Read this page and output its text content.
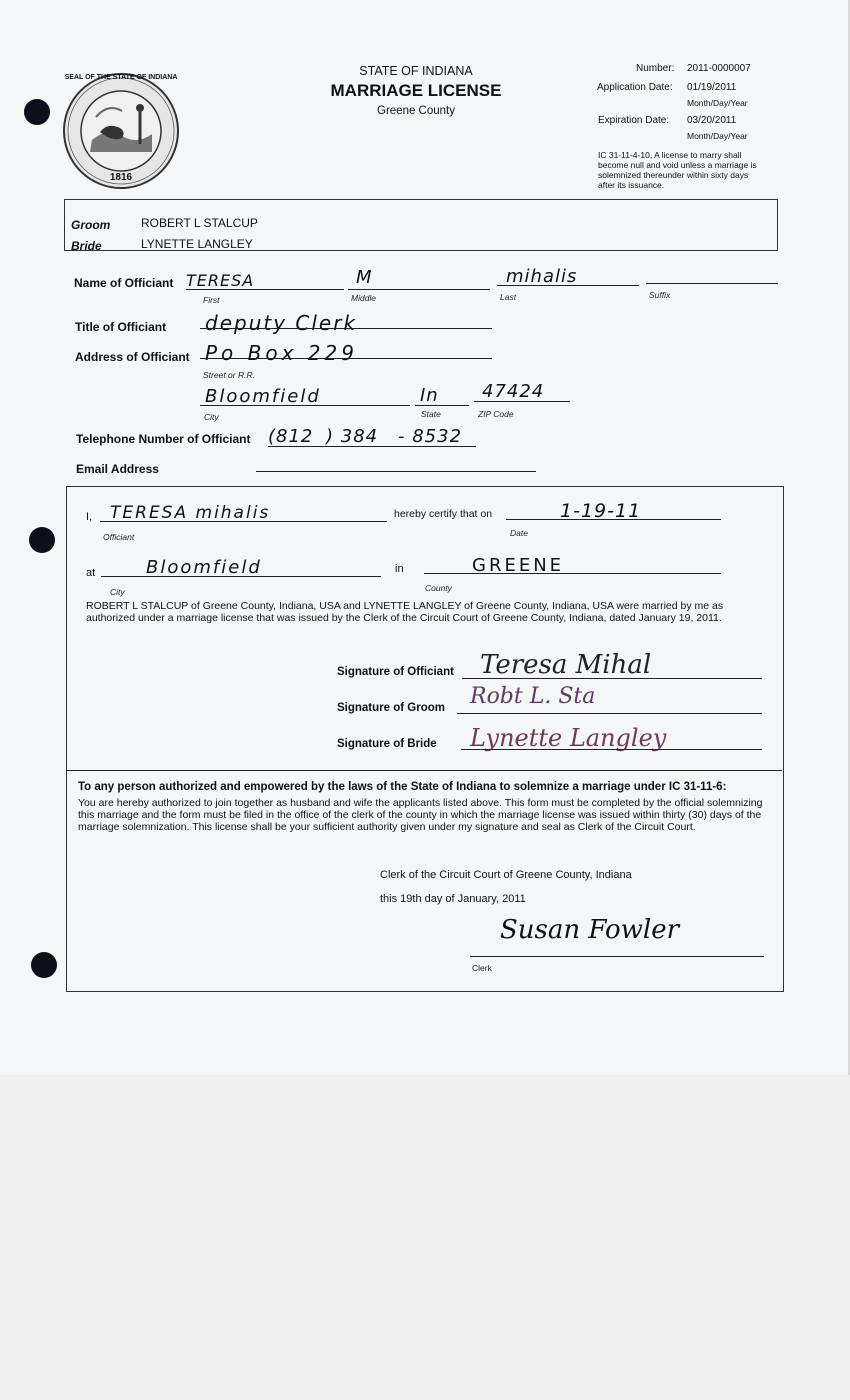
SEAL OF THE STATE OF INDIANA
1816
STATE OF INDIANA
MARRIAGE LICENSE
Greene County
Number: 2011-0000007
Application Date: 01/19/2011
Month/Day/Year
Expiration Date: 03/20/2011
Month/Day/Year
IC 31-11-4-10, A license to marry shall become null and void unless a marriage is solemnized thereunder within sixty days after its issuance.
Groom	ROBERT L STALCUP
Bride	LYNETTE LANGLEY
Name of Officiant TERESA	M	mihalis
First	Middle	Last	Suffix
Title of Officiant deputy Clerk
Address of Officiant Po Box 229
Street or R.R.
Bloomfield	In 47424
City	State	ZIP Code
Telephone Number of Officiant (812 ) 384 - 8532
Email Address
I, TERESA mihalis
Officiant
hereby certify that on	1-19-11
Date
at	Bloomfield
City
in	GREENE
County
ROBERT L STALCUP of Greene County, Indiana, USA and LYNETTE LANGLEY of Greene County, Indiana, USA were married by me as authorized under a marriage license that was issued by the Clerk of the Circuit Court of Greene County, Indiana, dated January 19, 2011.
Signature of Officiant Teresa Mihal
Signature of Groom Robt L. Sta
Signature of Bride Lynette Langley
To any person authorized and empowered by the laws of the State of Indiana to solemnize a marriage under IC 31-11-6:
You are hereby authorized to join together as husband and wife the applicants listed above. This form must be completed by the official solemnizing this marriage and the form must be filed in the office of the clerk of the county in which the marriage license was issued within thirty (30) days of the marriage solemnization. This license shall be your sufficient authority given under my signature and seal as Clerk of the Circuit Court.
Clerk of the Circuit Court of Greene County, Indiana
this 19th day of January, 2011
Susan Fowler
Clerk
